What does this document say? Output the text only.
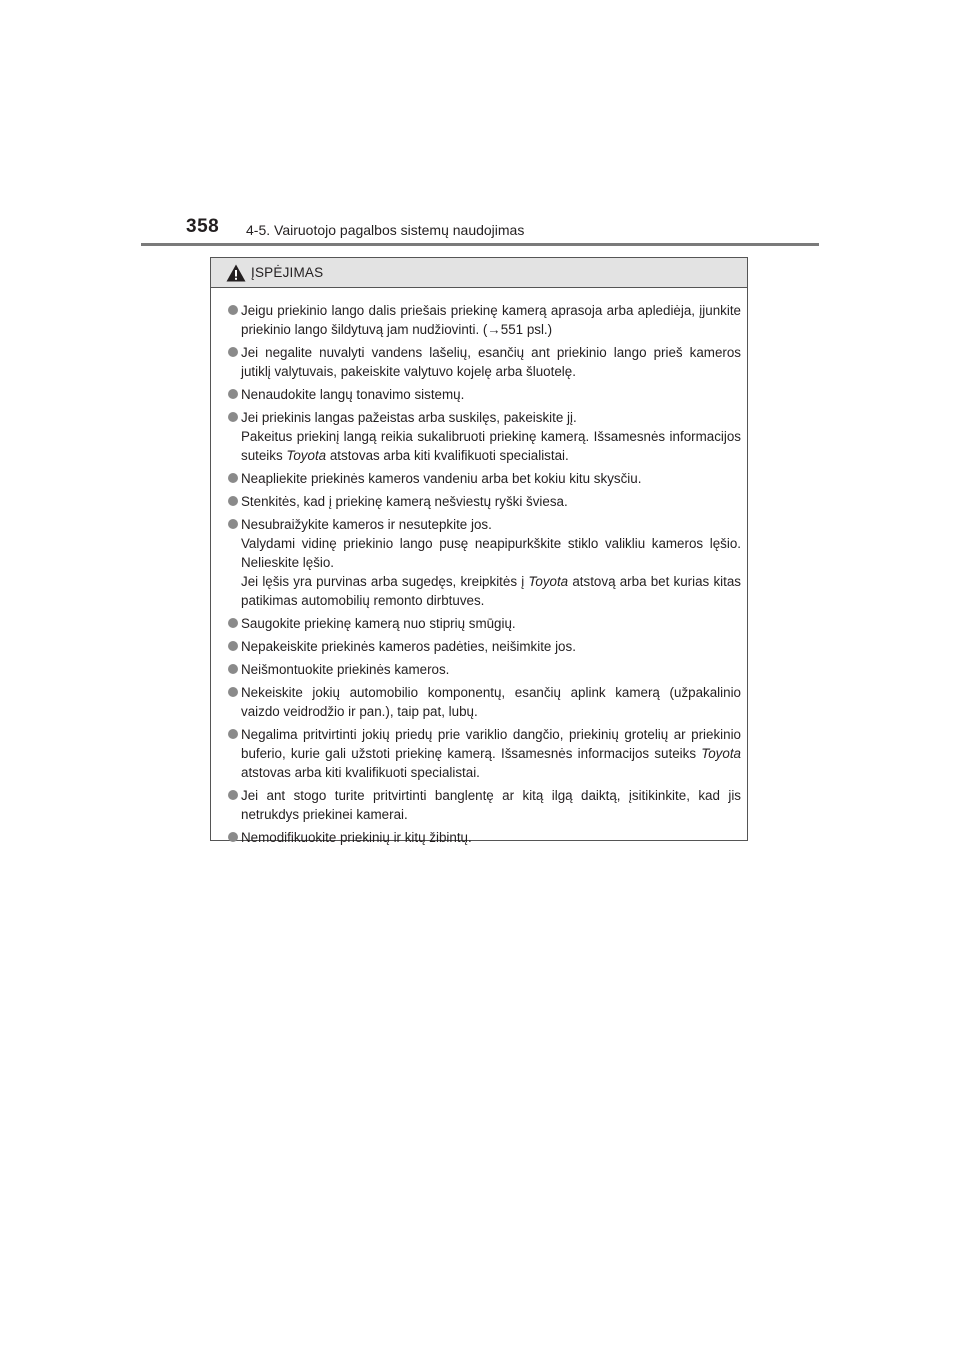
358 4-5. Vairuotojo pagalbos sistemų naudojimas
ĮSPĖJIMAS

Jeigu priekinio lango dalis priešais priekinę kamerą aprasoja arba aplediėja, įjunkite priekinio lango šildytuvą jam nudžiovinti. (→551 psl.)

Jei negalite nuvalyti vandens lašelių, esančių ant priekinio lango prieš kameros jutiklį valytuvais, pakeiskite valytuvo kojelę arba šluotelę.

Nenaudokite langų tonavimo sistemų.

Jei priekinis langas pažeistas arba suskilęs, pakeiskite jį.

Pakeitus priekinį langą reikia sukalibruoti priekinę kamerą. Išsamesnės informacijos suteiks Toyota atstovas arba kiti kvalifikuoti specialistai.

Neapliekite priekinės kameros vandeniu arba bet kokiu kitu skysčiu.

Stenkitės, kad į priekinę kamerą nešviestų ryški šviesa.

Nesubraižykite kameros ir nesutepkite jos.

Valydami vidinę priekinio lango pusę neapipurkškite stiklo valikliu kameros lęšio. Nelieskite lęšio.

Jei lęšis yra purvinas arba sugedęs, kreipkitės į Toyota atstovą arba bet kurias kitas patikimas automobilių remonto dirbtuves.

Saugokite priekinę kamerą nuo stiprių smūgių.

Nepakeiskite priekinės kameros padėties, neišimkite jos.

Neišmontuokite priekinės kameros.

Nekeiskite jokių automobilio komponentų, esančių aplink kamerą (užpakalinio vaizdo veidrodžio ir pan.), taip pat, lubų.

Negalima pritvirtinti jokių priedų prie variklio dangčio, priekinių grotelių ar priekinio buferio, kurie gali užstoti priekinę kamerą. Išsamesnės informacijos suteiks Toyota atstovas arba kiti kvalifikuoti specialistai.

Jei ant stogo turite pritvirtinti banglentę ar kitą ilgą daiktą, įsitikinkite, kad jis netrukdys priekinei kamerai.

Nemodifikuokite priekinių ir kitų žibintų.
